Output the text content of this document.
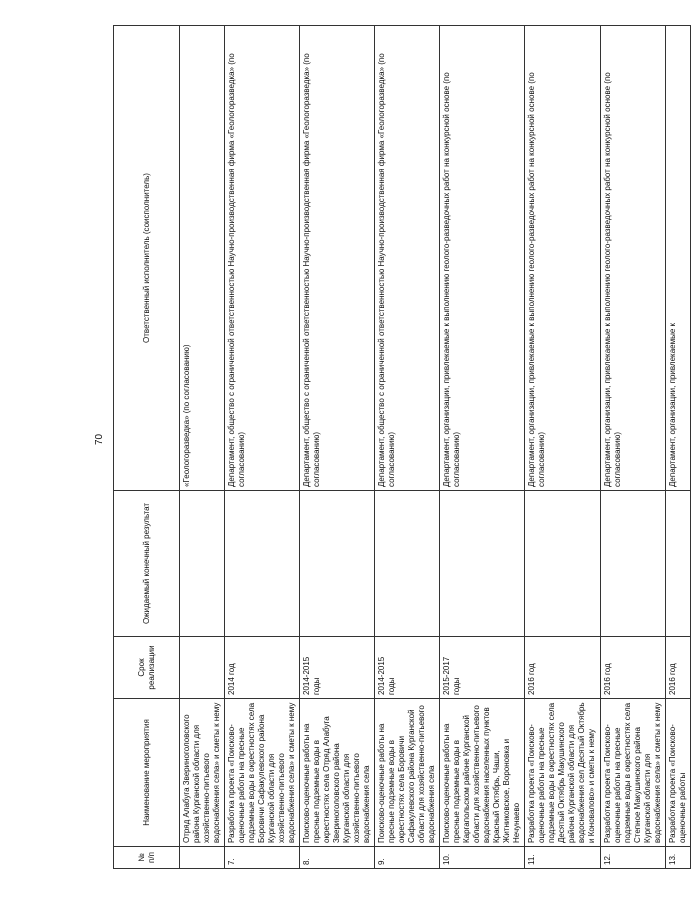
70
№ п/п	Наименование мероприятия	Срок реализации	Ожидаемый конечный результат	Ответственный исполнитель (соисполнитель)
	Отряд Алабуга Звериноголовского района Курганской области для хозяйственно-питьевого водоснабжения села» и сметы к нему			«Геологоразведка» (по согласованию)
7.	Разработка проекта «Поисково-оценочные работы на пресные подземные воды в окрестностях села Боровичи Сафакулевского района Курганской области для хозяйственно-питьевого водоснабжения села» и сметы к нему	2014 год		Департамент, общество с ограниченной ответственностью Научно-производственная фирма «Геологоразведка» (по согласованию)
8.	Поисково-оценочные работы на пресные подземные воды в окрестностях села Отряд Алабуга Звериноголовского района Курганской области для хозяйственно-питьевого водоснабжения села	2014-2015 годы		Департамент, общество с ограниченной ответственностью Научно-производственная фирма «Геологоразведка» (по согласованию)
9.	Поисково-оценочные работы на пресные подземные воды в окрестностях села Боровичи Сафакулевского района Курганской области для хозяйственно-питьевого водоснабжения села	2014-2015 годы		Департамент, общество с ограниченной ответственностью Научно-производственная фирма «Геологоразведка» (по согласованию)
10.	Поисково-оценочные работы на пресные подземные воды в Каргапольском районе Курганской области для хозяйственно-питьевого водоснабжения населенных пунктов Красный Октябрь, Чаши, Житниковское, Вороновка и Нечунаево	2015-2017 годы		Департамент, организации, привлекаемые к выполнению геолого-разведочных работ на конкурсной основе (по согласованию)
11.	Разработка проекта «Поисково-оценочные работы на пресные подземные воды в окрестностях села Десятый Октябрь Макушинского района Курганской области для водоснабжения сел Десятый Октябрь и Коновалово» и сметы к нему	2016 год		Департамент, организации, привлекаемые к выполнению геолого-разведочных работ на конкурсной основе (по согласованию)
12.	Разработка проекта «Поисково-оценочные работы на пресные подземные воды в окрестностях села Степное Макушинского района Курганской области для водоснабжения села» и сметы к нему	2016 год		Департамент, организации, привлекаемые к выполнению геолого-разведочных работ на конкурсной основе (по согласованию)
13.	Разработка проекта «Поисково-оценочные работы	2016 год		Департамент, организации, привлекаемые к
